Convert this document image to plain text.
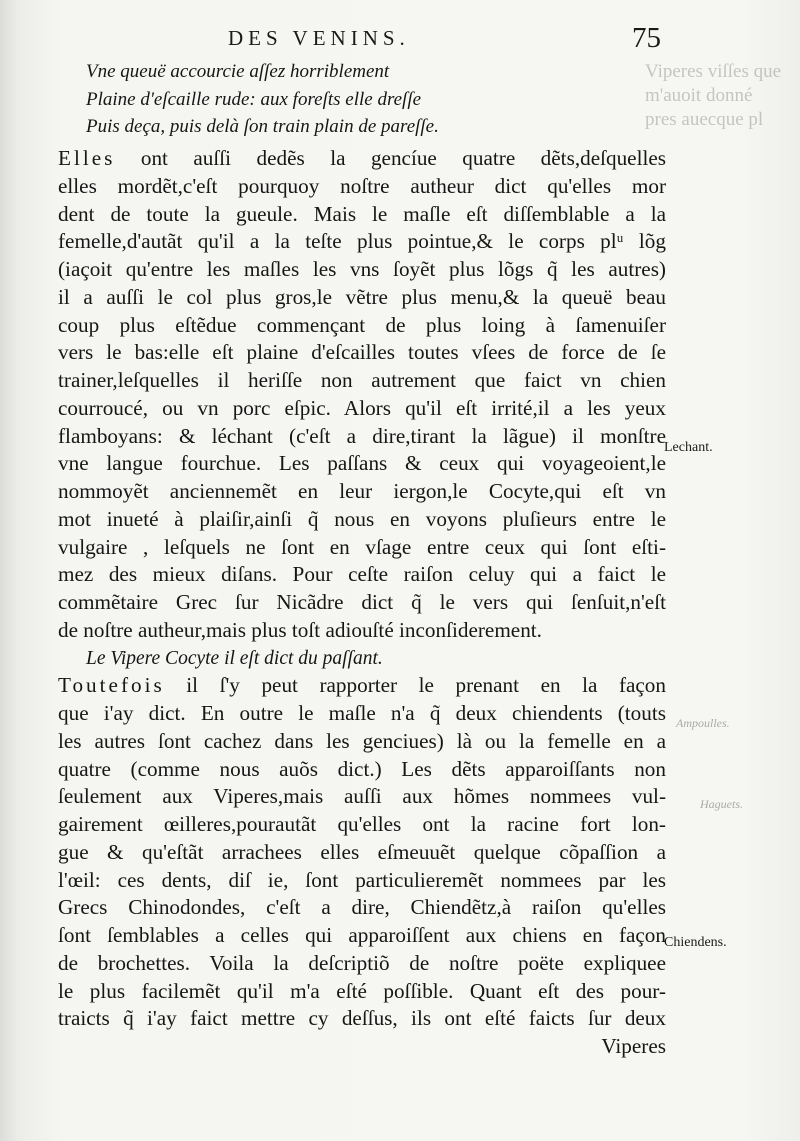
Viperes viſſes que
m'auoit donné
pres auecque pl
DES VENINS.	75
Vne queuë accourcie aſſez horriblement
Plaine d'eſcaille rude: aux foreſts elle dreſſe
Puis deça, puis delà ſon train plain de pareſſe.
Elles ont auſſi dedẽs la gencíue quatre dẽts,deſquelles
elles mordẽt,c'eſt pourquoy noſtre autheur dict qu'elles mor
dent de toute la gueule. Mais le maſle eſt diſſemblable a la
femelle,d'autãt qu'il a la teſte plus pointue,& le corps plᵘ lõg
(iaçoit qu'entre les maſles les vns ſoyẽt plus lõgs q̃ les autres)
il a auſſi le col plus gros,le vẽtre plus menu,& la queuë beau
coup plus eſtẽdue commençant de plus loing à ſamenuiſer
vers le bas:elle eſt plaine d'eſcailles toutes vſees de force de ſe
trainer,leſquelles il heriſſe non autrement que faict vn chien
courroucé, ou vn porc eſpic. Alors qu'il eſt irrité,il a les yeux
flamboyans: & léchant (c'eſt a dire,tirant la lãgue) il monſtre
vne langue fourchue. Les paſſans & ceux qui voyageoient,le
nommoyẽt anciennemẽt en leur iergon,le Cocyte,qui eſt vn
mot inueté à plaiſir,ainſi q̃ nous en voyons pluſieurs entre le
vulgaire , leſquels ne ſont en vſage entre ceux qui ſont eſti-
mez des mieux diſans. Pour ceſte raiſon celuy qui a faict le
commẽtaire Grec ſur Nicãdre dict q̃ le vers qui ſenſuit,n'eſt
de noſtre autheur,mais plus toſt adiouſté inconſiderement.
Le Vipere Cocyte il eſt dict du paſſant.
Toutefois il ſ'y peut rapporter le prenant en la façon
que i'ay dict. En outre le maſle n'a q̃ deux chiendents (touts
les autres ſont cachez dans les genciues) là ou la femelle en a
quatre (comme nous auõs dict.) Les dẽts apparoiſſants non
ſeulement aux Viperes,mais auſſi aux hõmes nommees vul-
gairement œilleres,pourautãt qu'elles ont la racine fort lon-
gue & qu'eſtãt arrachees elles eſmeuuẽt quelque cõpaſſion a
l'œil: ces dents, diſ ie, ſont particulieremẽt nommees par les
Grecs Chinodondes, c'eſt a dire, Chiendẽtz,à raiſon qu'elles
ſont ſemblables a celles qui apparoiſſent aux chiens en façon
de brochettes. Voila la deſcriptiõ de noſtre poëte expliquee
le plus facilemẽt qu'il m'a eſté poſſible. Quant eſt des pour-
traicts q̃ i'ay faict mettre cy deſſus, ils ont eſté faicts ſur deux
Viperes
Lechant.
Ampoulles.
Haguets.
Chiendens.
